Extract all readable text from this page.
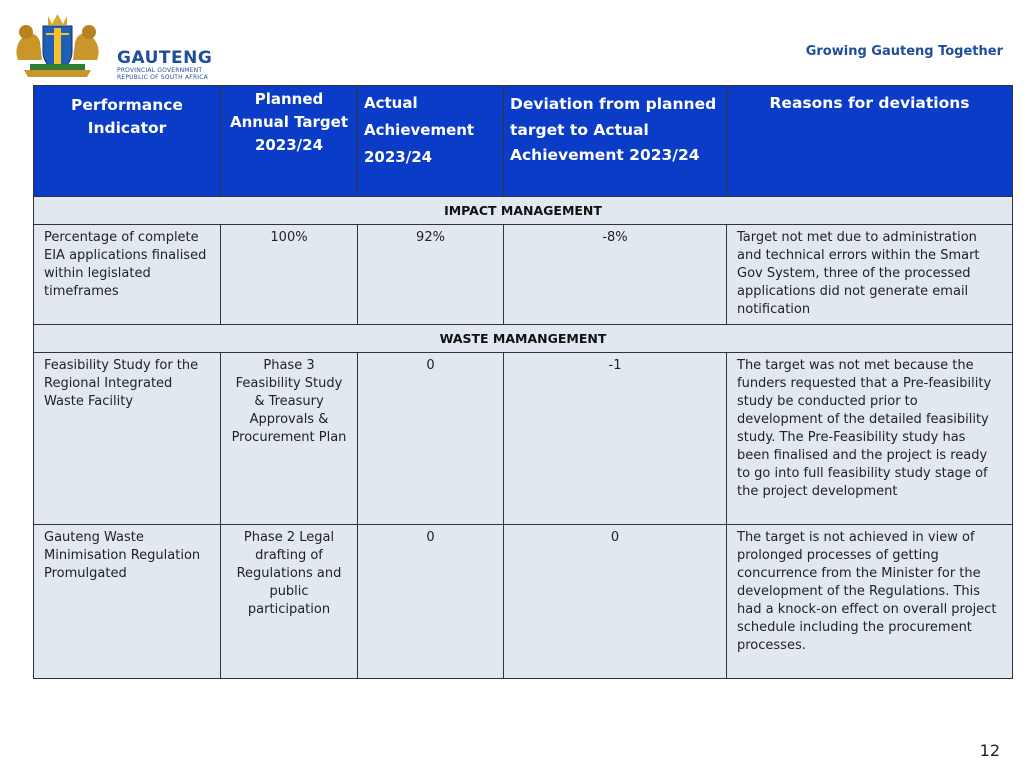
GAUTENG
PROVINCIAL GOVERNMENT
REPUBLIC OF SOUTH AFRICA
Growing Gauteng Together
Performance Indicator	Planned Annual Target 2023/24	Actual Achievement 2023/24	Deviation from planned target to Actual Achievement 2023/24	Reasons for deviations

IMPACT MANAGEMENT				
Percentage of complete EIA applications finalised within legislated timeframes	100%	92%	-8%	Target not met due to administration and technical errors within the Smart Gov System, three of the processed applications did not generate email notification
WASTE MAMANGEMENT				
Feasibility Study for the Regional Integrated Waste Facility	Phase 3 Feasibility Study & Treasury Approvals & Procurement Plan	0	-1	The target was not met because the funders requested that a Pre-feasibility study be conducted prior to development of the detailed feasibility study. The Pre-Feasibility study has been finalised and the project is ready to go into full feasibility study stage of the project development
Gauteng Waste Minimisation Regulation Promulgated	Phase 2 Legal drafting of Regulations and public participation	0	0	The target is not achieved in view of prolonged processes of getting concurrence from the Minister for the development of the Regulations. This had a knock-on effect on overall project schedule including the procurement processes.
12
